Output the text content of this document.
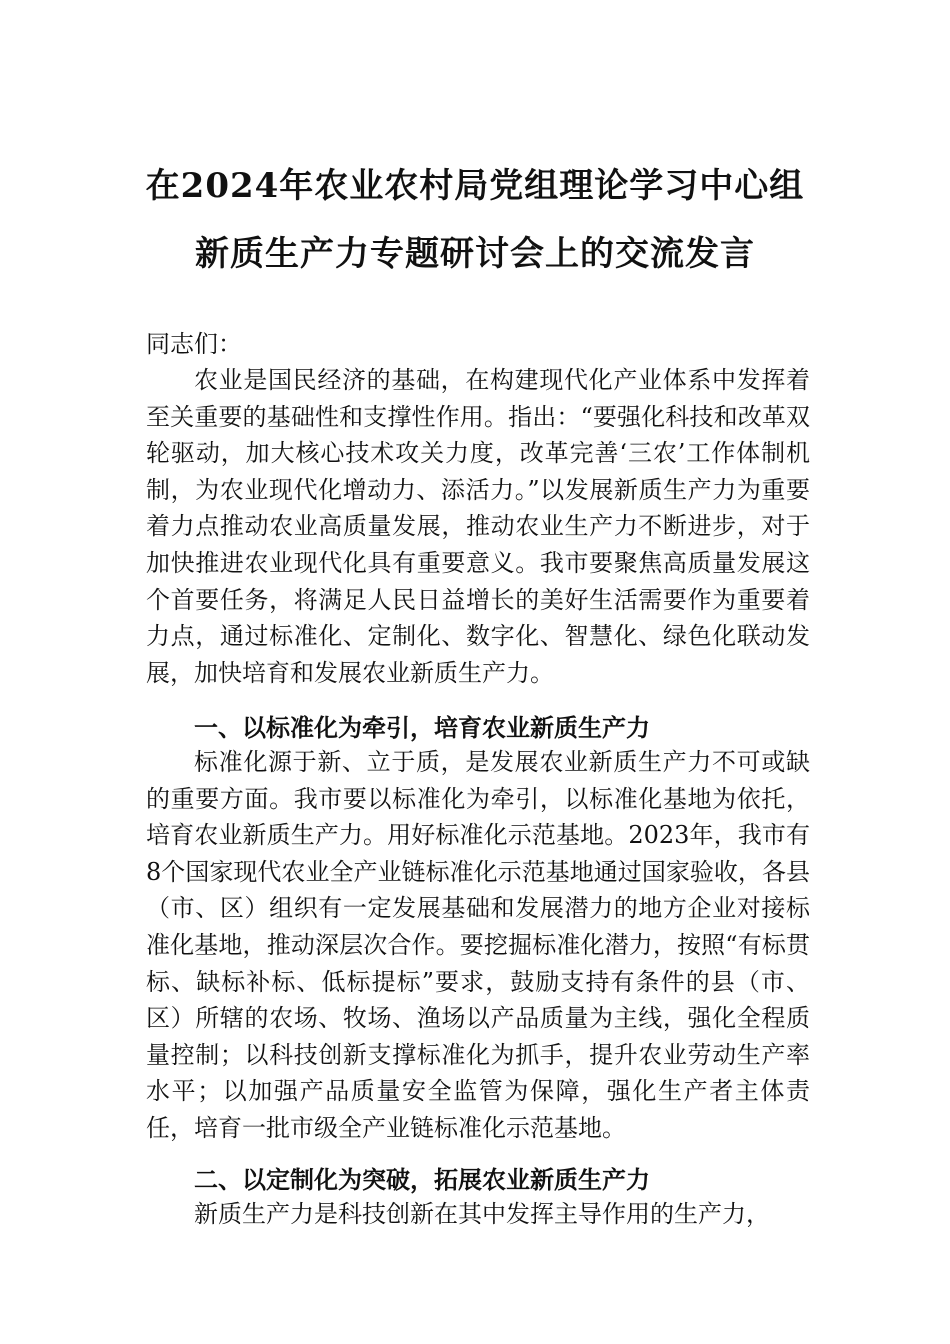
在2024年农业农村局党组理论学习中心组
新质生产力专题研讨会上的交流发言
同志们：

农业是国民经济的基础，在构建现代化产业体系中发挥着至关重要的基础性和支撑性作用。指出：“要强化科技和改革双轮驱动，加大核心技术攻关力度，改革完善‘三农’工作体制机制，为农业现代化增动力、添活力。”以发展新质生产力为重要着力点推动农业高质量发展，推动农业生产力不断进步，对于加快推进农业现代化具有重要意义。我市要聚焦高质量发展这个首要任务，将满足人民日益增长的美好生活需要作为重要着力点，通过标准化、定制化、数字化、智慧化、绿色化联动发展，加快培育和发展农业新质生产力。

一、以标准化为牵引，培育农业新质生产力

标准化源于新、立于质，是发展农业新质生产力不可或缺的重要方面。我市要以标准化为牵引，以标准化基地为依托，培育农业新质生产力。用好标准化示范基地。2023年，我市有8个国家现代农业全产业链标准化示范基地通过国家验收，各县（市、区）组织有一定发展基础和发展潜力的地方企业对接标准化基地，推动深层次合作。要挖掘标准化潜力，按照“有标贯标、缺标补标、低标提标”要求，鼓励支持有条件的县（市、区）所辖的农场、牧场、渔场以产品质量为主线，强化全程质量控制；以科技创新支撑标准化为抓手，提升农业劳动生产率水平；以加强产品质量安全监管为保障，强化生产者主体责任，培育一批市级全产业链标准化示范基地。

二、以定制化为突破，拓展农业新质生产力

新质生产力是科技创新在其中发挥主导作用的生产力，
